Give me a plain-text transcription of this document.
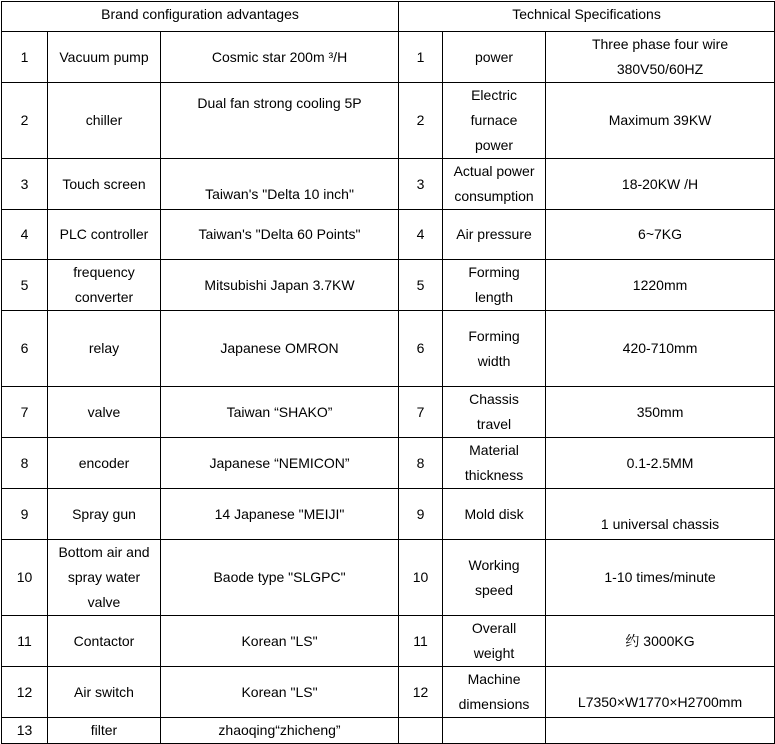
Brand configuration advantages			Technical Specifications		
1	Vacuum pump	Cosmic star 200m ³/H	1	power	Three phase four wire
380V50/60HZ
2	chiller	Dual fan strong cooling 5P	2	Electric
furnace
power	Maximum 39KW
3	Touch screen	Taiwan's "Delta 10 inch"	3	Actual power
consumption	18-20KW /H
4	PLC controller	Taiwan's "Delta 60 Points"	4	Air pressure	6~7KG
5	frequency
converter	Mitsubishi Japan 3.7KW	5	Forming
length	1220mm
6	relay	Japanese OMRON	6	Forming
width	420-710mm
7	valve	Taiwan “SHAKO”	7	Chassis
travel	350mm
8	encoder	Japanese “NEMICON”	8	Material
thickness	0.1-2.5MM
9	Spray gun	14 Japanese "MEIJI"	9	Mold disk	1 universal chassis
10	Bottom air and
spray water
valve	Baode type "SLGPC"	10	Working
speed	1-10 times/minute
11	Contactor	Korean "LS"	11	Overall
weight	约 3000KG
12	Air switch	Korean "LS"	12	Machine
dimensions	L7350×W1770×H2700mm
13	filter	zhaoqing“zhicheng”			
